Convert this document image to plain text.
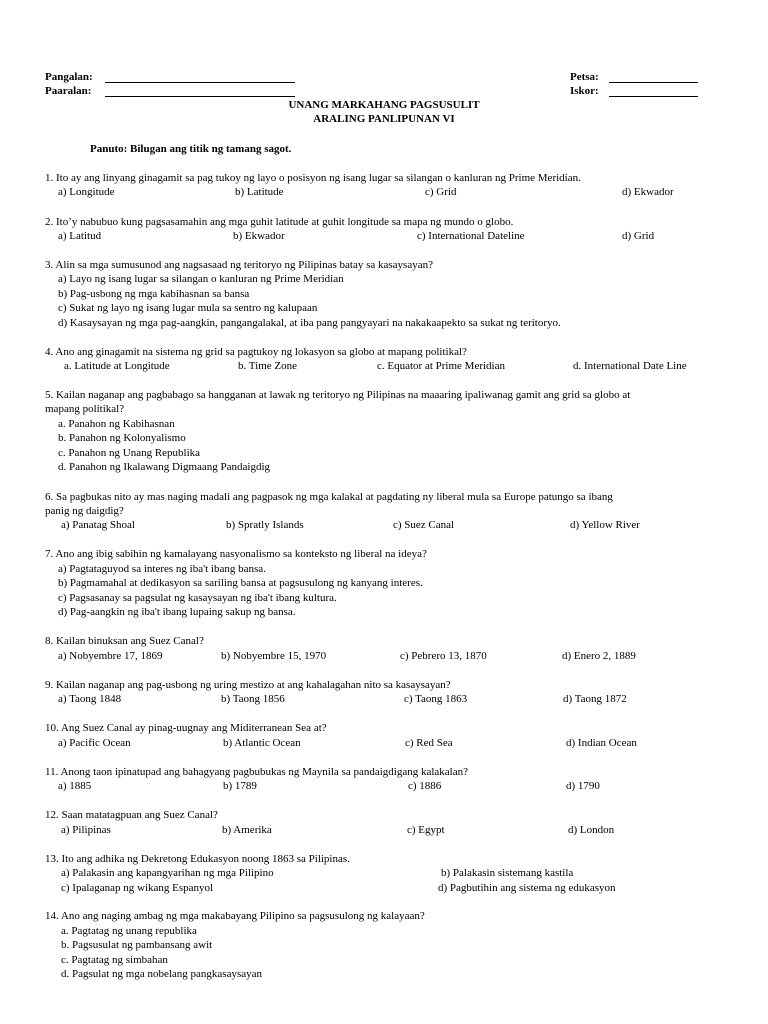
Pangalan:
Paaralan:
Petsa:
Iskor:
UNANG MARKAHANG PAGSUSULIT
ARALING PANLIPUNAN VI
Panuto: Bilugan ang titik ng tamang sagot.
1. Ito ay ang linyang ginagamit sa pag tukoy ng layo o posisyon ng isang lugar sa silangan o kanluran ng Prime Meridian.
a) Longitude	b) Latitude	c) Grid	d) Ekwador
2. Ito’y nabubuo kung pagsasamahin ang mga guhit latitude at guhit longitude sa mapa ng mundo o globo.
a) Latitud	b) Ekwador	c) International Dateline	d) Grid
3. Alin sa mga sumusunod ang nagsasaad ng teritoryo ng Pilipinas batay sa kasaysayan?
a) Layo ng isang lugar sa silangan o kanluran ng Prime Meridian
b) Pag-usbong ng mga kabihasnan sa bansa
c) Sukat ng layo ng isang lugar mula sa sentro ng kalupaan
d) Kasaysayan ng mga pag-aangkin, pangangalakal, at iba pang pangyayari na nakakaapekto sa sukat ng teritoryo.
4. Ano ang ginagamit na sistema ng grid sa pagtukoy ng lokasyon sa globo at mapang politikal?
a. Latitude at Longitude	b. Time Zone	c. Equator at Prime Meridian	d. International Date Line
5. Kailan naganap ang pagbabago sa hangganan at lawak ng teritoryo ng Pilipinas na maaaring ipaliwanag gamit ang grid sa globo at
mapang politikal?
a. Panahon ng Kabihasnan
b. Panahon ng Kolonyalismo
c. Panahon ng Unang Republika
d. Panahon ng Ikalawang Digmaang Pandaigdig
6. Sa pagbukas nito ay mas naging madali ang pagpasok ng mga kalakal at pagdating ny liberal mula sa Europe patungo sa ibang
panig ng daigdig?
a) Panatag Shoal	b) Spratly Islands	c) Suez Canal	d) Yellow River
7. Ano ang ibig sabihin ng kamalayang nasyonalismo sa konteksto ng liberal na ideya?
a) Pagtataguyod sa interes ng iba't ibang bansa.
b) Pagmamahal at dedikasyon sa sariling bansa at pagsusulong ng kanyang interes.
c) Pagsasanay sa pagsulat ng kasaysayan ng iba't ibang kultura.
d) Pag-aangkin ng iba't ibang lupaing sakup ng bansa.
8. Kailan binuksan ang Suez Canal?
a) Nobyembre 17, 1869	b) Nobyembre 15, 1970	c) Pebrero 13, 1870	d) Enero 2, 1889
9. Kailan naganap ang pag-usbong ng uring mestizo at ang kahalagahan nito sa kasaysayan?
a) Taong 1848	b) Taong 1856	c) Taong 1863	d) Taong 1872
10. Ang Suez Canal ay pinag-uugnay ang Miditerranean Sea at?
a) Pacific Ocean	b) Atlantic Ocean	c) Red Sea	d) Indian Ocean
11. Anong taon ipinatupad ang bahagyang pagbubukas ng Maynila sa pandaigdigang kalakalan?
a) 1885	b) 1789	c) 1886	d) 1790
12. Saan matatagpuan ang Suez Canal?
a) Pilipinas	b) Amerika	c) Egypt	d) London
13. Ito ang adhika ng Dekretong Edukasyon noong 1863 sa Pilipinas.
a) Palakasin ang kapangyarihan ng mga Pilipino	b) Palakasin sistemang kastila
c) Ipalaganap ng wikang Espanyol	d) Pagbutihin ang sistema ng edukasyon
14. Ano ang naging ambag ng mga makabayang Pilipino sa pagsusulong ng kalayaan?
a. Pagtatag ng unang republika
b. Pagsusulat ng pambansang awit
c. Pagtatag ng simbahan
d. Pagsulat ng mga nobelang pangkasaysayan
